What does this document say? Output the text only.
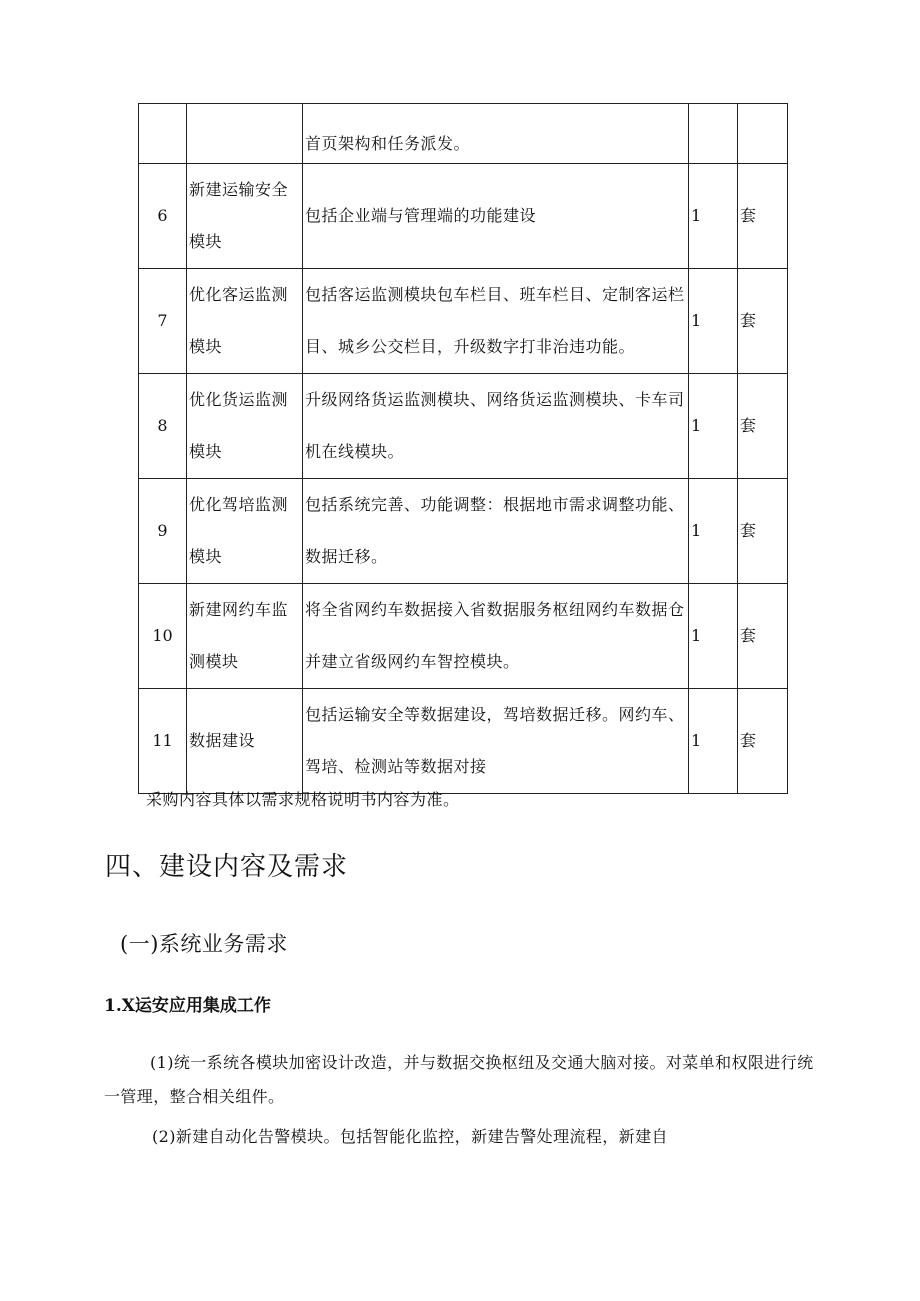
		首页架构和任务派发。		
6	新建运输安全模块	包括企业端与管理端的功能建设	1	套
7	优化客运监测模块	包括客运监测模块包车栏目、班车栏目、定制客运栏目、城乡公交栏目，升级数字打非治违功能。	1	套
8	优化货运监测模块	升级网络货运监测模块、网络货运监测模块、卡车司机在线模块。	1	套
9	优化驾培监测模块	包括系统完善、功能调整：根据地市需求调整功能、数据迁移。	1	套
10	新建网约车监测模块	将全省网约车数据接入省数据服务枢纽网约车数据仓并建立省级网约车智控模块。	1	套
11	数据建设	包括运输安全等数据建设，驾培数据迁移。网约车、驾培、检测站等数据对接	1	套
采购内容具体以需求规格说明书内容为准。
四、建设内容及需求
(一)系统业务需求
1.X运安应用集成工作
(1)统一系统各模块加密设计改造，并与数据交换枢纽及交通大脑对接。对菜单和权限进行统一管理，整合相关组件。
(2)新建自动化告警模块。包括智能化监控，新建告警处理流程，新建自
